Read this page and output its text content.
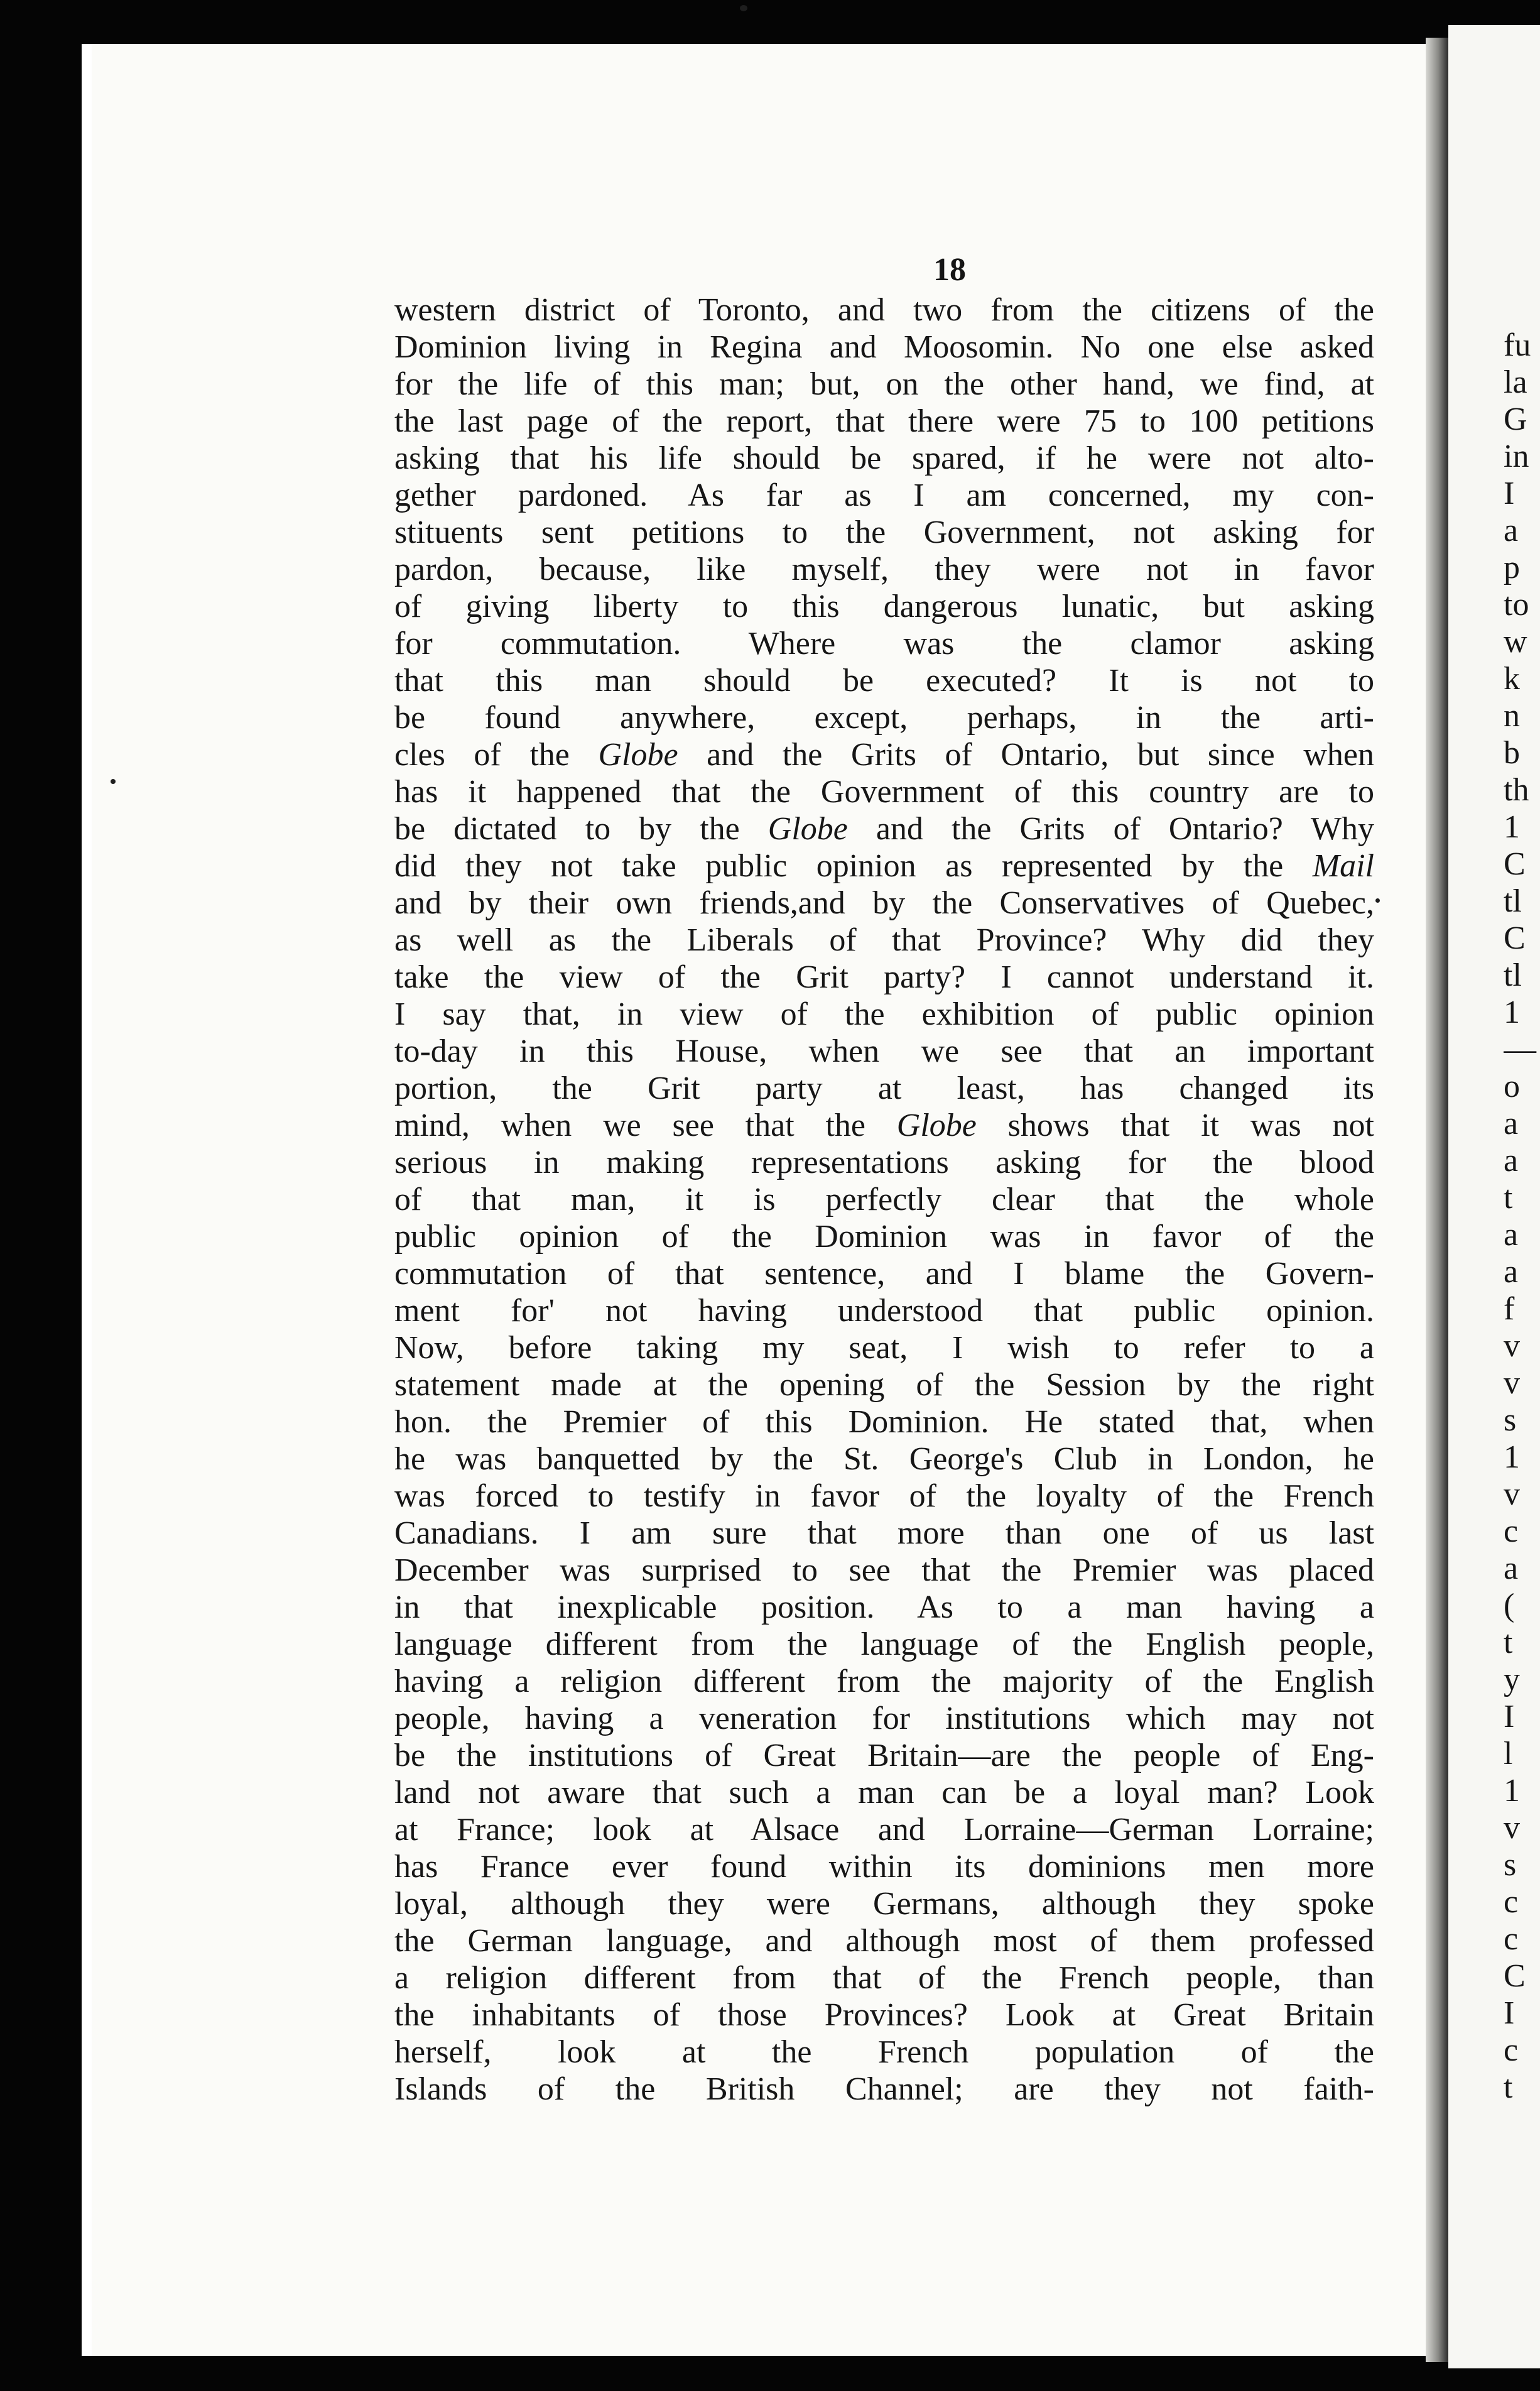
18
western district of Toronto, and two from the citizens of the
Dominion living in Regina and Moosomin. No one else asked
for the life of this man; but, on the other hand, we find, at
the last page of the report, that there were 75 to 100 petitions
asking that his life should be spared, if he were not alto-
gether pardoned. As far as I am concerned, my con-
stituents sent petitions to the Government, not asking for
pardon, because, like myself, they were not in favor
of giving liberty to this dangerous lunatic, but asking
for commutation. Where was the clamor asking
that this man should be executed? It is not to
be found anywhere, except, perhaps, in the arti-
cles of the Globe and the Grits of Ontario, but since when
has it happened that the Government of this country are to
be dictated to by the Globe and the Grits of Ontario? Why
did they not take public opinion as represented by the Mail
and by their own friends,and by the Conservatives of Quebec,
as well as the Liberals of that Province? Why did they
take the view of the Grit party? I cannot understand it.
I say that, in view of the exhibition of public opinion
to-day in this House, when we see that an important
portion, the Grit party at least, has changed its
mind, when we see that the Globe shows that it was not
serious in making representations asking for the blood
of that man, it is perfectly clear that the whole
public opinion of the Dominion was in favor of the
commutation of that sentence, and I blame the Govern-
ment for' not having understood that public opinion.
Now, before taking my seat, I wish to refer to a
statement made at the opening of the Session by the right
hon. the Premier of this Dominion. He stated that, when
he was banquetted by the St. George's Club in London, he
was forced to testify in favor of the loyalty of the French
Canadians. I am sure that more than one of us last
December was surprised to see that the Premier was placed
in that inexplicable position. As to a man having a
language different from the language of the English people,
having a religion different from the majority of the English
people, having a veneration for institutions which may not
be the institutions of Great Britain—are the people of Eng-
land not aware that such a man can be a loyal man? Look
at France; look at Alsace and Lorraine—German Lorraine;
has France ever found within its dominions men more
loyal, although they were Germans, although they spoke
the German language, and although most of them professed
a religion different from that of the French people, than
the inhabitants of those Provinces? Look at Great Britain
herself, look at the French population of the
Islands of the British Channel; are they not faith-
fu
la
G
in
I
a
p
to
w
k
n
b
th
1
C
tl
C
tl
1
—
o
a
a
t
a
a
f
v
v
s
1
v
c
a
(
t
y
I
l
1
v
s
c
c
C
I
c
t
